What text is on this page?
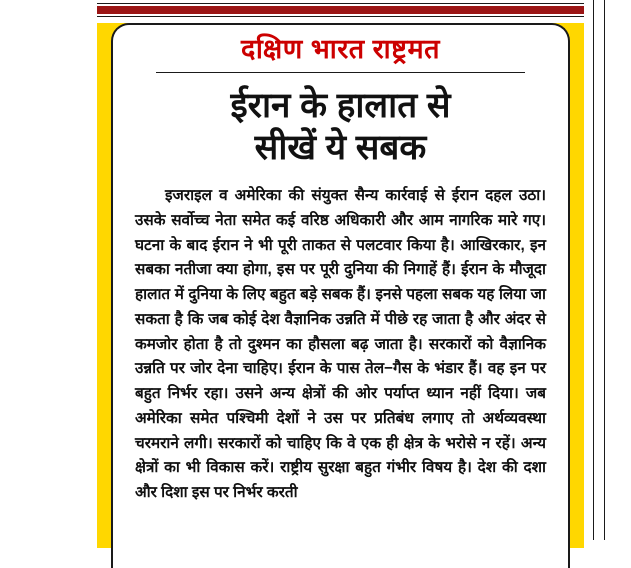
दक्षिण भारत राष्ट्रमत
ईरान के हालात से
सीखें ये सबक
इजराइल व अमेरिका की संयुक्त सैन्य कार्रवाई से ईरान दहल उठा। उसके सर्वोच्च नेता समेत कई वरिष्ठ अधिकारी और आम नागरिक मारे गए। घटना के बाद ईरान ने भी पूरी ताकत से पलटवार किया है। आखिरकार, इन सबका नतीजा क्या होगा, इस पर पूरी दुनिया की निगाहें हैं। ईरान के मौजूदा हालात में दुनिया के लिए बहुत बड़े सबक हैं। इनसे पहला सबक यह लिया जा सकता है कि जब कोई देश वैज्ञानिक उन्नति में पीछे रह जाता है और अंदर से कमजोर होता है तो दुश्मन का हौसला बढ़ जाता है। सरकारों को वैज्ञानिक उन्नति पर जोर देना चाहिए। ईरान के पास तेल−गैस के भंडार हैं। वह इन पर बहुत निर्भर रहा। उसने अन्य क्षेत्रों की ओर पर्याप्त ध्यान नहीं दिया। जब अमेरिका समेत पश्चिमी देशों ने उस पर प्रतिबंध लगाए तो अर्थव्यवस्था चरमराने लगी। सरकारों को चाहिए कि वे एक ही क्षेत्र के भरोसे न रहें। अन्य क्षेत्रों का भी विकास करें। राष्ट्रीय सुरक्षा बहुत गंभीर विषय है। देश की दशा और दिशा इस पर निर्भर करती
